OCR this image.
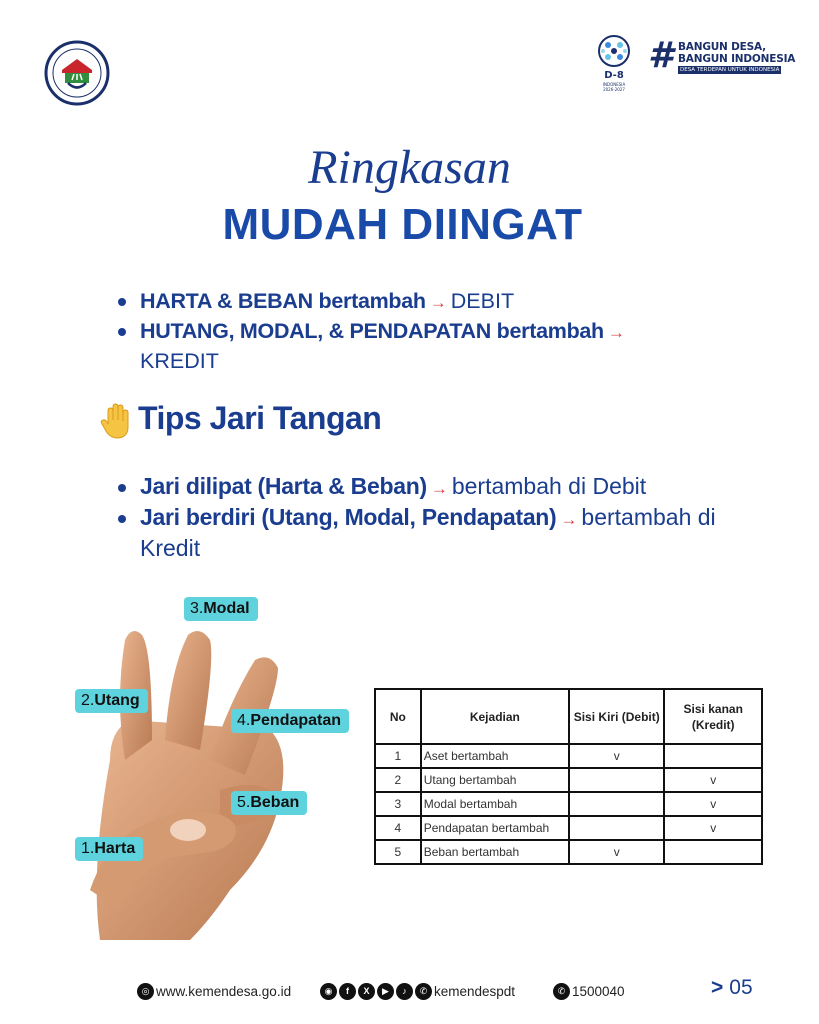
D-8
INDONESIA
2026-2027
# BANGUN DESA,
BANGUN INDONESIA
DESA TERDEPAN UNTUK INDONESIA
Ringkasan
MUDAH DIINGAT
HARTA & BEBAN bertambah → DEBIT
HUTANG, MODAL, & PENDAPATAN bertambah →
KREDIT
Tips Jari Tangan
Jari dilipat (Harta & Beban) → bertambah di Debit
Jari berdiri (Utang, Modal, Pendapatan) → bertambah di Kredit
3.Modal
2.Utang
4.Pendapatan
5.Beban
1.Harta
No	Kejadian	Sisi Kiri (Debit)	Sisi kanan (Kredit)
1	Aset bertambah	v	
2	Utang bertambah		v
3	Modal bertambah		v
4	Pendapatan bertambah		v
5	Beban bertambah	v	
◎ www.kemendesa.go.id	◉	f	X	▶	♪	✆ kemendespdt	✆ 1500040	> 05
